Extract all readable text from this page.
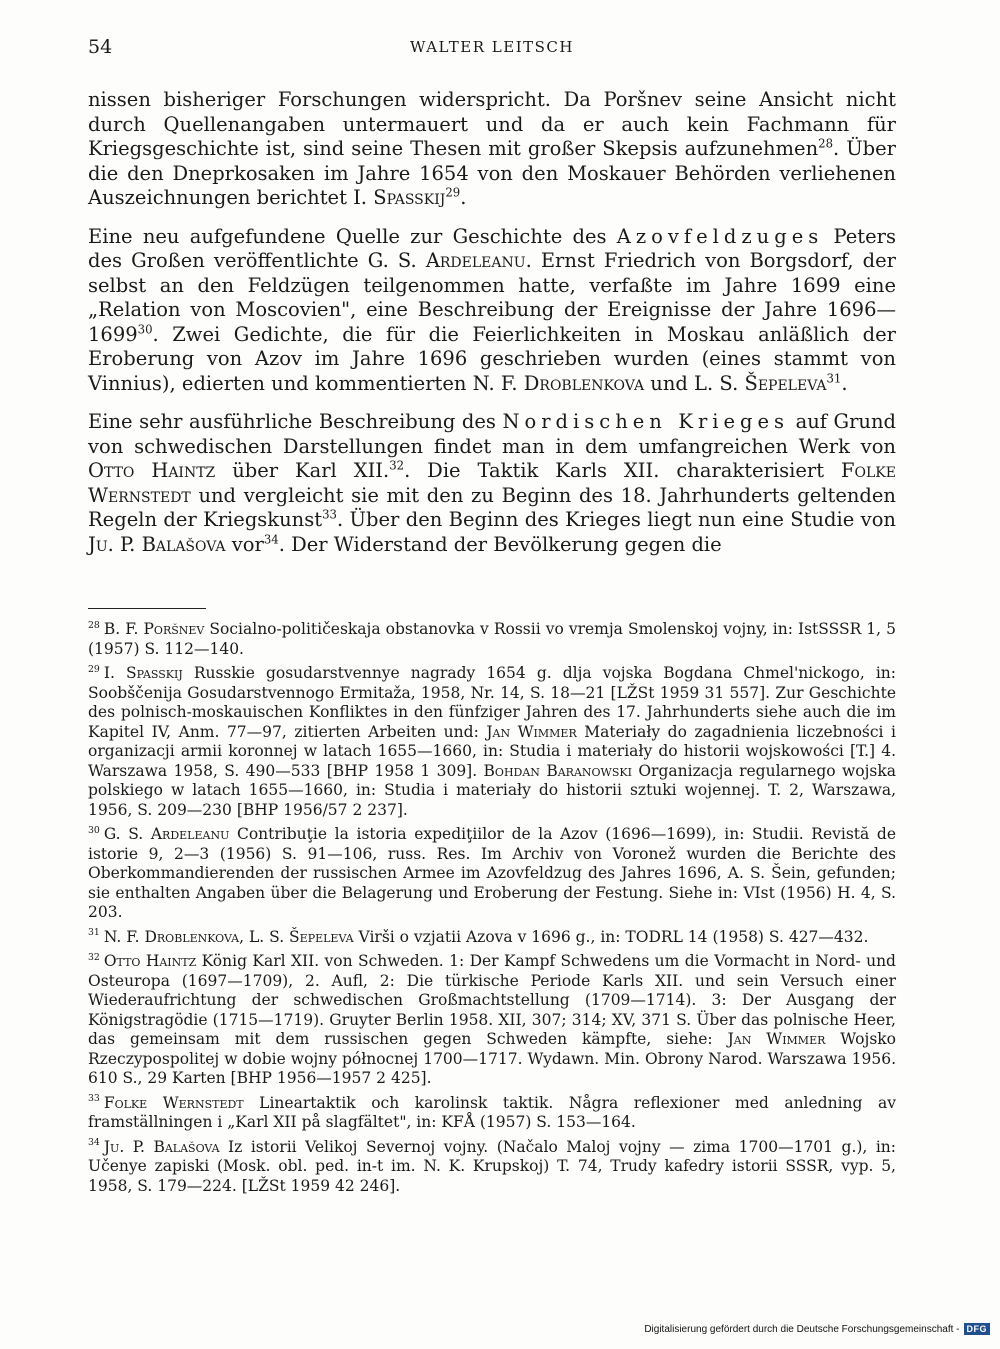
54	WALTER LEITSCH

nissen bisheriger Forschungen widerspricht. Da Poršnev seine Ansicht nicht durch Quellenangaben untermauert und da er auch kein Fachmann für Kriegsgeschichte ist, sind seine Thesen mit großer Skepsis aufzunehmen$^{28}$. Über die den Dneprkosaken im Jahre 1654 von den Moskauer Behörden verliehenen Auszeichnungen berichtet I. Spasskij$^{29}$.

Eine neu aufgefundene Quelle zur Geschichte des Azovfeldzuges Peters des Großen veröffentlichte G. S. Ardeleanu. Ernst Friedrich von Borgsdorf, der selbst an den Feldzügen teilgenommen hatte, verfaßte im Jahre 1699 eine „Relation von Moscovien", eine Beschreibung der Ereignisse der Jahre 1696—1699$^{30}$. Zwei Gedichte, die für die Feierlichkeiten in Moskau anläßlich der Eroberung von Azov im Jahre 1696 geschrieben wurden (eines stammt von Vinnius), edierten und kommentierten N. F. Droblenkova und L. S. Šepeleva$^{31}$.

Eine sehr ausführliche Beschreibung des Nordischen Krieges auf Grund von schwedischen Darstellungen findet man in dem umfangreichen Werk von Otto Haintz über Karl XII.$^{32}$. Die Taktik Karls XII. charakterisiert Folke Wernstedt und vergleicht sie mit den zu Beginn des 18. Jahrhunderts geltenden Regeln der Kriegskunst$^{33}$. Über den Beginn des Krieges liegt nun eine Studie von Ju. P. Balašova vor$^{34}$. Der Widerstand der Bevölkerung gegen die

$^{28}$ B. F. Poršnev Socialno-političeskaja obstanovka v Rossii vo vremja Smolenskoj vojny, in: IstSSSR 1, 5 (1957) S. 112—140.

$^{29}$ I. Spasskij Russkie gosudarstvennye nagrady 1654 g. dlja vojska Bogdana Chmel'nickogo, in: Soobščenija Gosudarstvennogo Ermitaža, 1958, Nr. 14, S. 18—21 [LŽSt 1959 31 557]. Zur Geschichte des polnisch-moskauischen Konfliktes in den fünfziger Jahren des 17. Jahrhunderts siehe auch die im Kapitel IV, Anm. 77—97, zitierten Arbeiten und: Jan Wimmer Materiały do zagadnienia liczebności i organizacji armii koronnej w latach 1655—1660, in: Studia i materiały do historii wojskowości [T.] 4. Warszawa 1958, S. 490—533 [BHP 1958 1 309]. Bohdan Baranowski Organizacja regularnego wojska polskiego w latach 1655—1660, in: Studia i materiały do historii sztuki wojennej. T. 2, Warszawa, 1956, S. 209—230 [BHP 1956/57 2 237].

$^{30}$ G. S. Ardeleanu Contribuţie la istoria expediţiilor de la Azov (1696—1699), in: Studii. Revistă de istorie 9, 2—3 (1956) S. 91—106, russ. Res. Im Archiv von Voronež wurden die Berichte des Oberkommandierenden der russischen Armee im Azovfeldzug des Jahres 1696, A. S. Šein, gefunden; sie enthalten Angaben über die Belagerung und Eroberung der Festung. Siehe in: VIst (1956) H. 4, S. 203.

$^{31}$ N. F. Droblenkova, L. S. Šepeleva Virši o vzjatii Azova v 1696 g., in: TODRL 14 (1958) S. 427—432.

$^{32}$ Otto Haintz König Karl XII. von Schweden. 1: Der Kampf Schwedens um die Vormacht in Nord- und Osteuropa (1697—1709), 2. Aufl, 2: Die türkische Periode Karls XII. und sein Versuch einer Wiederaufrichtung der schwedischen Großmachtstellung (1709—1714). 3: Der Ausgang der Königstragödie (1715—1719). Gruyter Berlin 1958. XII, 307; 314; XV, 371 S. Über das polnische Heer, das gemeinsam mit dem russischen gegen Schweden kämpfte, siehe: Jan Wimmer Wojsko Rzeczypospolitej w dobie wojny północnej 1700—1717. Wydawn. Min. Obrony Narod. Warszawa 1956. 610 S., 29 Karten [BHP 1956—1957 2 425].

$^{33}$ Folke Wernstedt Lineartaktik och karolinsk taktik. Några reflexioner med anledning av framställningen i „Karl XII på slagfältet", in: KFÅ (1957) S. 153—164.

$^{34}$ Ju. P. Balašova Iz istorii Velikoj Severnoj vojny. (Načalo Maloj vojny — zima 1700—1701 g.), in: Učenye zapiski (Mosk. obl. ped. in-t im. N. K. Krupskoj) T. 74, Trudy kafedry istorii SSSR, vyp. 5, 1958, S. 179—224. [LŽSt 1959 42 246].

Digitalisierung gefördert durch die Deutsche Forschungsgemeinschaft - DFG
